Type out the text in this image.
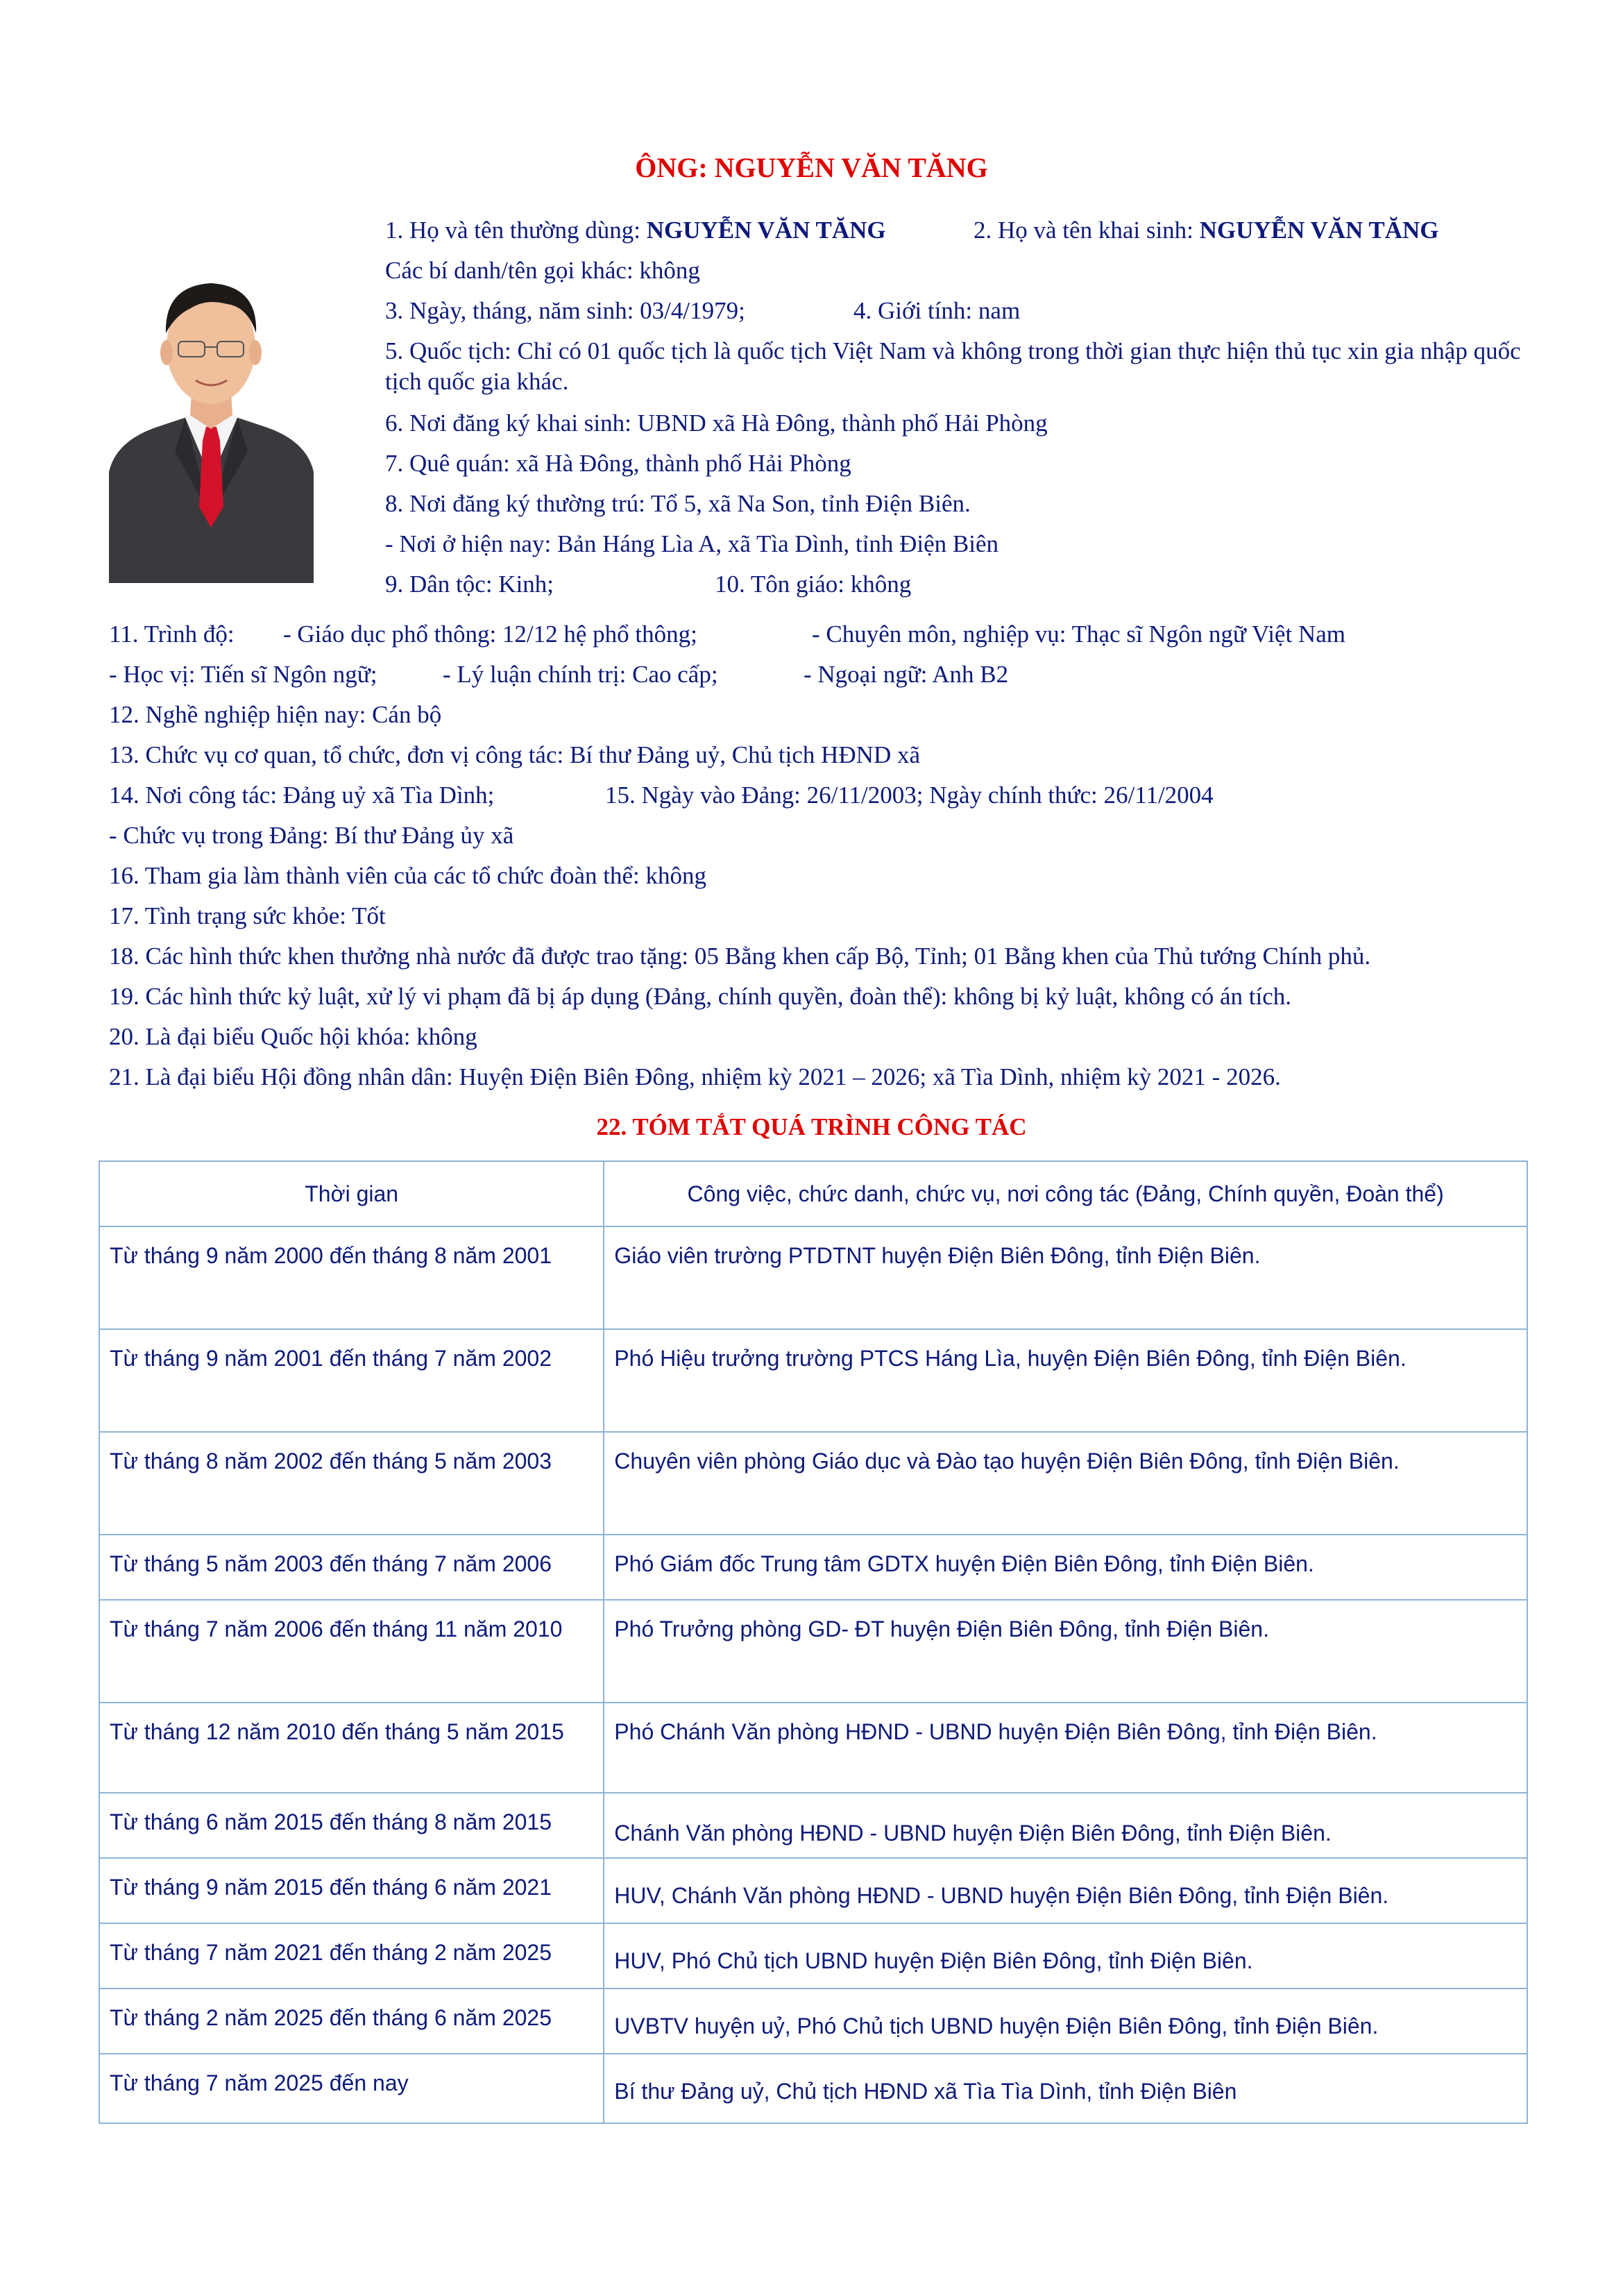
ÔNG: NGUYỄN VĂN TĂNG
1. Họ và tên thường dùng: NGUYỄN VĂN TĂNG	2. Họ và tên khai sinh: NGUYỄN VĂN TĂNG
Các bí danh/tên gọi khác: không
3. Ngày, tháng, năm sinh: 03/4/1979;	4. Giới tính: nam
5. Quốc tịch: Chỉ có 01 quốc tịch là quốc tịch Việt Nam và không trong thời gian thực hiện thủ tục xin gia nhập quốc tịch quốc gia khác.
6. Nơi đăng ký khai sinh: UBND xã Hà Đông, thành phố Hải Phòng
7. Quê quán: xã Hà Đông, thành phố Hải Phòng
8. Nơi đăng ký thường trú: Tổ 5, xã Na Son, tỉnh Điện Biên.
- Nơi ở hiện nay: Bản Háng Lìa A, xã Tìa Dình, tỉnh Điện Biên
9. Dân tộc: Kinh;	10. Tôn giáo: không
11. Trình độ: - Giáo dục phổ thông: 12/12 hệ phổ thông;	- Chuyên môn, nghiệp vụ: Thạc sĩ Ngôn ngữ Việt Nam
- Học vị: Tiến sĩ Ngôn ngữ;	- Lý luận chính trị: Cao cấp;	- Ngoại ngữ: Anh B2
12. Nghề nghiệp hiện nay: Cán bộ
13. Chức vụ cơ quan, tổ chức, đơn vị công tác: Bí thư Đảng uỷ, Chủ tịch HĐND xã
14. Nơi công tác: Đảng uỷ xã Tìa Dình;	15. Ngày vào Đảng: 26/11/2003; Ngày chính thức: 26/11/2004
- Chức vụ trong Đảng: Bí thư Đảng ủy xã
16. Tham gia làm thành viên của các tổ chức đoàn thể: không
17. Tình trạng sức khỏe: Tốt
18. Các hình thức khen thưởng nhà nước đã được trao tặng: 05 Bằng khen cấp Bộ, Tỉnh; 01 Bằng khen của Thủ tướng Chính phủ.
19. Các hình thức kỷ luật, xử lý vi phạm đã bị áp dụng (Đảng, chính quyền, đoàn thể): không bị kỷ luật, không có án tích.
20. Là đại biểu Quốc hội khóa: không
21. Là đại biểu Hội đồng nhân dân: Huyện Điện Biên Đông, nhiệm kỳ 2021 – 2026; xã Tìa Dình, nhiệm kỳ 2021 - 2026.
22. TÓM TẮT QUÁ TRÌNH CÔNG TÁC
Thời gian	Công việc, chức danh, chức vụ, nơi công tác (Đảng, Chính quyền, Đoàn thể)
Từ tháng 9 năm 2000 đến tháng 8 năm 2001	Giáo viên trường PTDTNT huyện Điện Biên Đông, tỉnh Điện Biên.
Từ tháng 9 năm 2001 đến tháng 7 năm 2002	Phó Hiệu trưởng trường PTCS Háng Lìa, huyện Điện Biên Đông, tỉnh Điện Biên.
Từ tháng 8 năm 2002 đến tháng 5 năm 2003	Chuyên viên phòng Giáo dục và Đào tạo huyện Điện Biên Đông, tỉnh Điện Biên.
Từ tháng 5 năm 2003 đến tháng 7 năm 2006	Phó Giám đốc Trung tâm GDTX huyện Điện Biên Đông, tỉnh Điện Biên.
Từ tháng 7 năm 2006 đến tháng 11 năm 2010	Phó Trưởng phòng GD- ĐT huyện Điện Biên Đông, tỉnh Điện Biên.
Từ tháng 12 năm 2010 đến tháng 5 năm 2015	Phó Chánh Văn phòng HĐND - UBND huyện Điện Biên Đông, tỉnh Điện Biên.
Từ tháng 6 năm 2015 đến tháng 8 năm 2015	Chánh Văn phòng HĐND - UBND huyện Điện Biên Đông, tỉnh Điện Biên.
Từ tháng 9 năm 2015 đến tháng 6 năm 2021	HUV, Chánh Văn phòng HĐND - UBND huyện Điện Biên Đông, tỉnh Điện Biên.
Từ tháng 7 năm 2021 đến tháng 2 năm 2025	HUV, Phó Chủ tịch UBND huyện Điện Biên Đông, tỉnh Điện Biên.
Từ tháng 2 năm 2025 đến tháng 6 năm 2025	UVBTV huyện uỷ, Phó Chủ tịch UBND huyện Điện Biên Đông, tỉnh Điện Biên.
Từ tháng 7 năm 2025 đến nay	Bí thư Đảng uỷ, Chủ tịch HĐND xã Tìa Tìa Dình, tỉnh Điện Biên
